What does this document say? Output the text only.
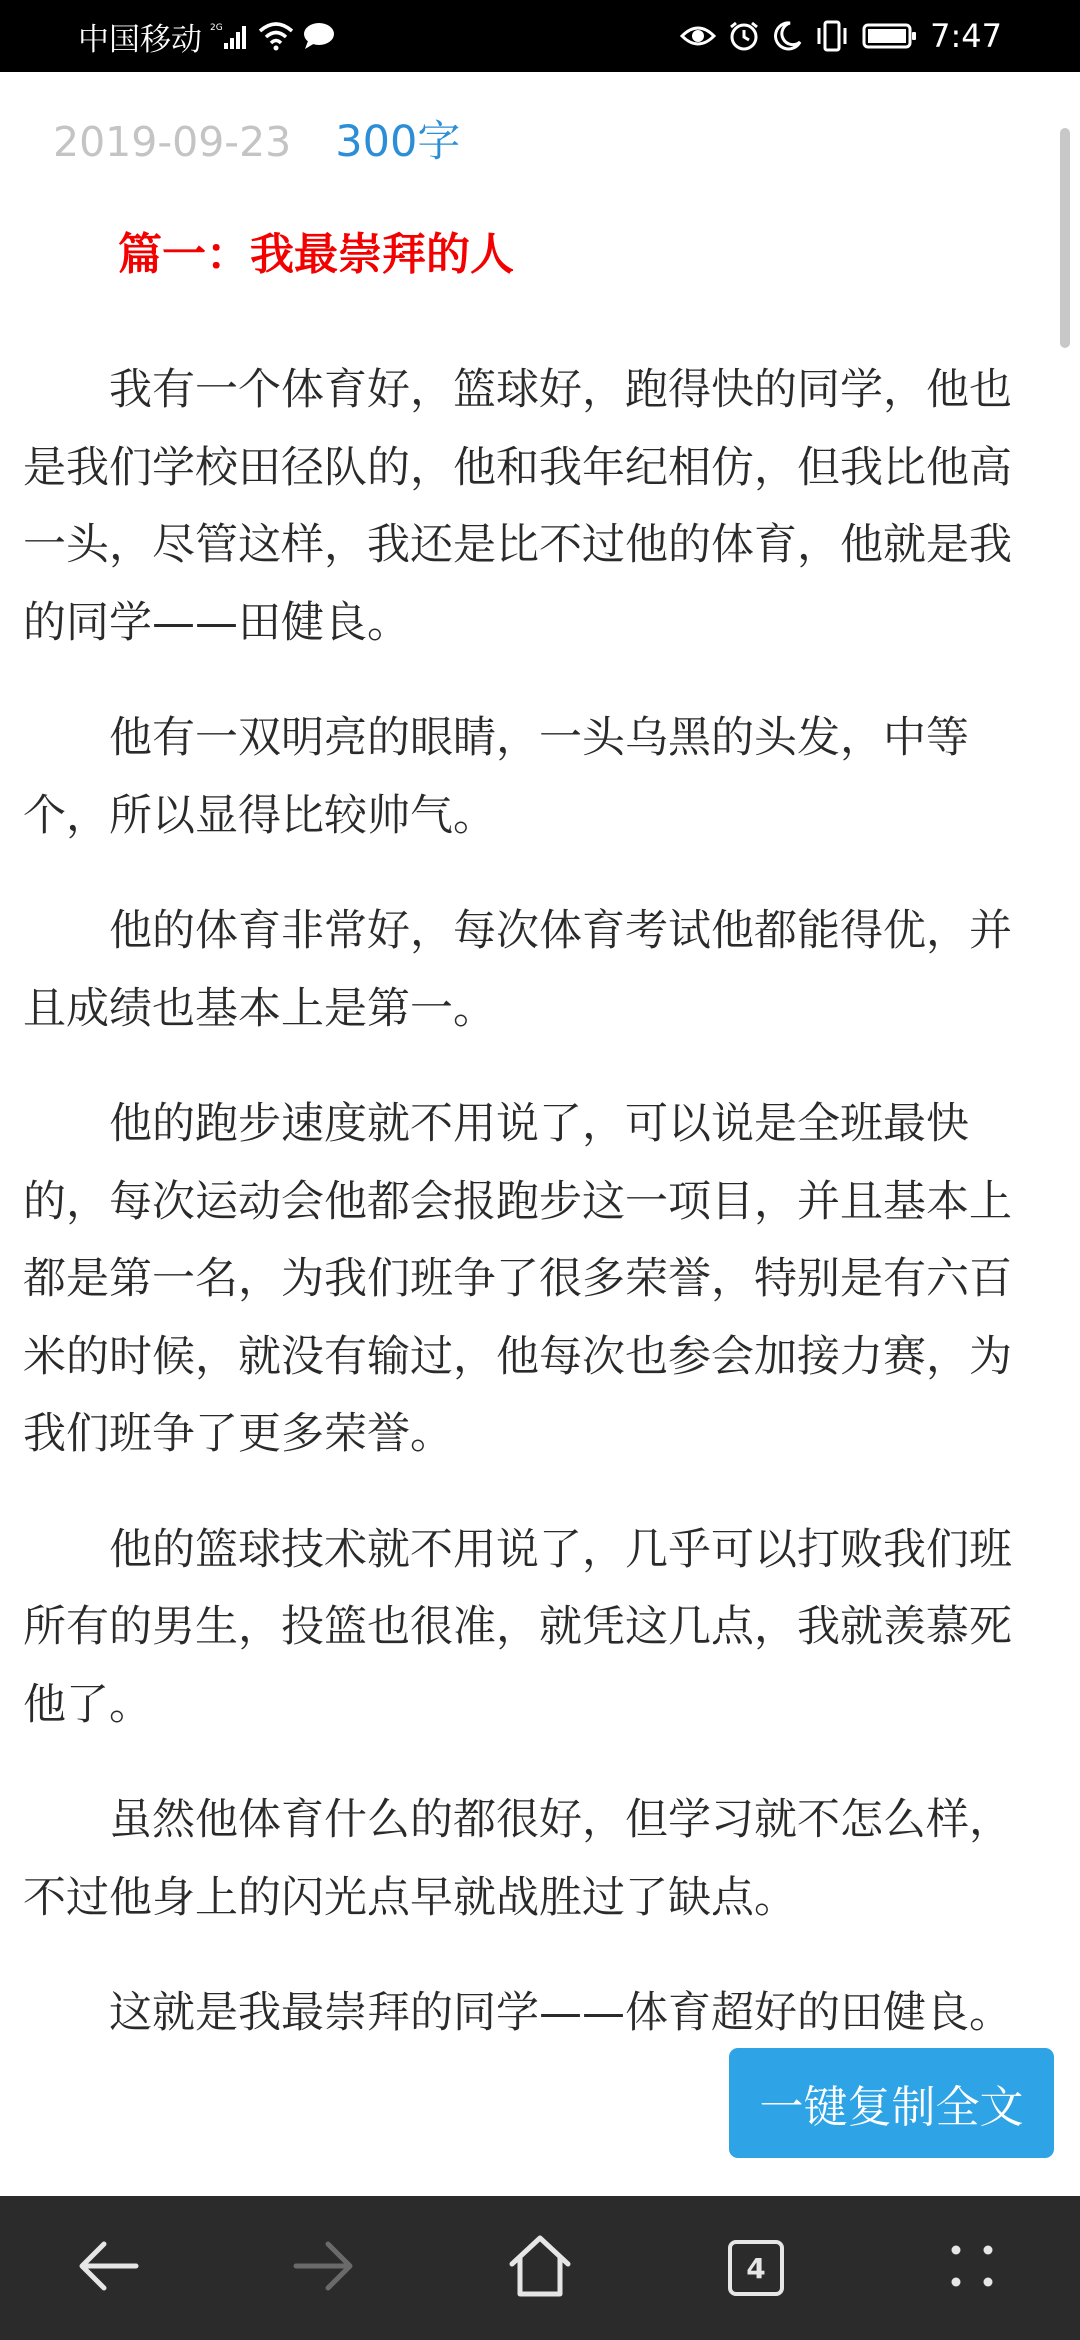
中国移动 2G	7:47
2019-09-23 300字
篇一：我最崇拜的人

我有一个体育好，篮球好，跑得快的同学，他也是我们学校田径队的，他和我年纪相仿，但我比他高一头，尽管这样，我还是比不过他的体育，他就是我的同学——田健良。

他有一双明亮的眼睛，一头乌黑的头发，中等个，所以显得比较帅气。

他的体育非常好，每次体育考试他都能得优，并且成绩也基本上是第一。

他的跑步速度就不用说了，可以说是全班最快的，每次运动会他都会报跑步这一项目，并且基本上都是第一名，为我们班争了很多荣誉，特别是有六百米的时候，就没有输过，他每次也参会加接力赛，为我们班争了更多荣誉。

他的篮球技术就不用说了，几乎可以打败我们班所有的男生，投篮也很准，就凭这几点，我就羡慕死他了。

虽然他体育什么的都很好，但学习就不怎么样，不过他身上的闪光点早就战胜过了缺点。

这就是我最崇拜的同学——体育超好的田健良。

一键复制全文
4
